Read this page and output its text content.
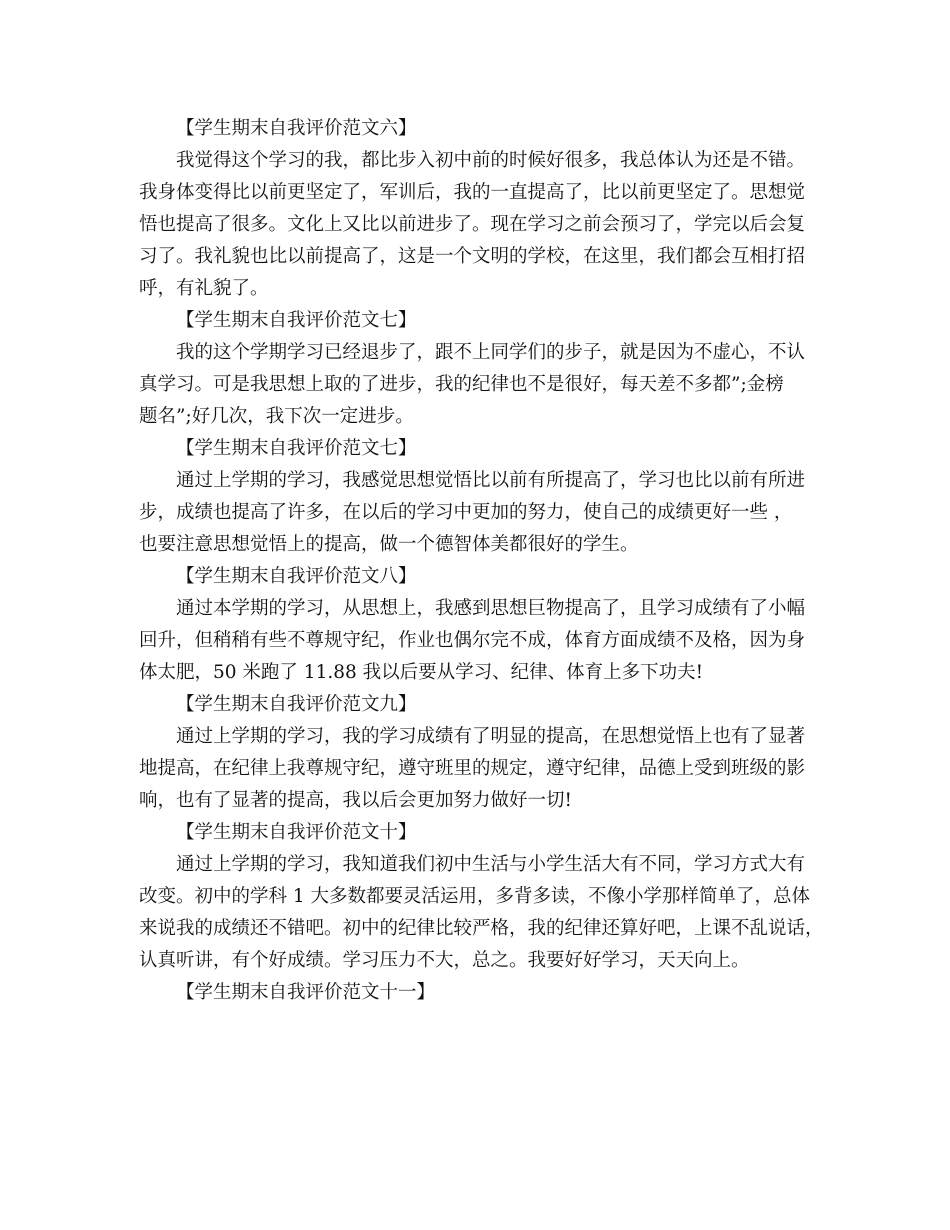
【学生期末自我评价范文六】
我觉得这个学习的我，都比步入初中前的时候好很多，我总体认为还是不错。
我身体变得比以前更坚定了，军训后，我的一直提高了，比以前更坚定了。思想觉
悟也提高了很多。文化上又比以前进步了。现在学习之前会预习了，学完以后会复
习了。我礼貌也比以前提高了，这是一个文明的学校，在这里，我们都会互相打招
呼，有礼貌了。
【学生期末自我评价范文七】
我的这个学期学习已经退步了，跟不上同学们的步子，就是因为不虚心，不认
真学习。可是我思想上取的了进步，我的纪律也不是很好，每天差不多都”;金榜
题名”;好几次，我下次一定进步。
【学生期末自我评价范文七】
通过上学期的学习，我感觉思想觉悟比以前有所提高了，学习也比以前有所进
步，成绩也提高了许多，在以后的学习中更加的努力，使自己的成绩更好一些 ，
也要注意思想觉悟上的提高，做一个德智体美都很好的学生。
【学生期末自我评价范文八】
通过本学期的学习，从思想上，我感到思想巨物提高了，且学习成绩有了小幅
回升，但稍稍有些不尊规守纪，作业也偶尔完不成，体育方面成绩不及格，因为身
体太肥，50 米跑了 11.88 我以后要从学习、纪律、体育上多下功夫!
【学生期末自我评价范文九】
通过上学期的学习，我的学习成绩有了明显的提高，在思想觉悟上也有了显著
地提高，在纪律上我尊规守纪，遵守班里的规定，遵守纪律，品德上受到班级的影
响，也有了显著的提高，我以后会更加努力做好一切!
【学生期末自我评价范文十】
通过上学期的学习，我知道我们初中生活与小学生活大有不同，学习方式大有
改变。初中的学科 1 大多数都要灵活运用，多背多读，不像小学那样简单了，总体
来说我的成绩还不错吧。初中的纪律比较严格，我的纪律还算好吧，上课不乱说话，
认真听讲，有个好成绩。学习压力不大，总之。我要好好学习，天天向上。
【学生期末自我评价范文十一】
